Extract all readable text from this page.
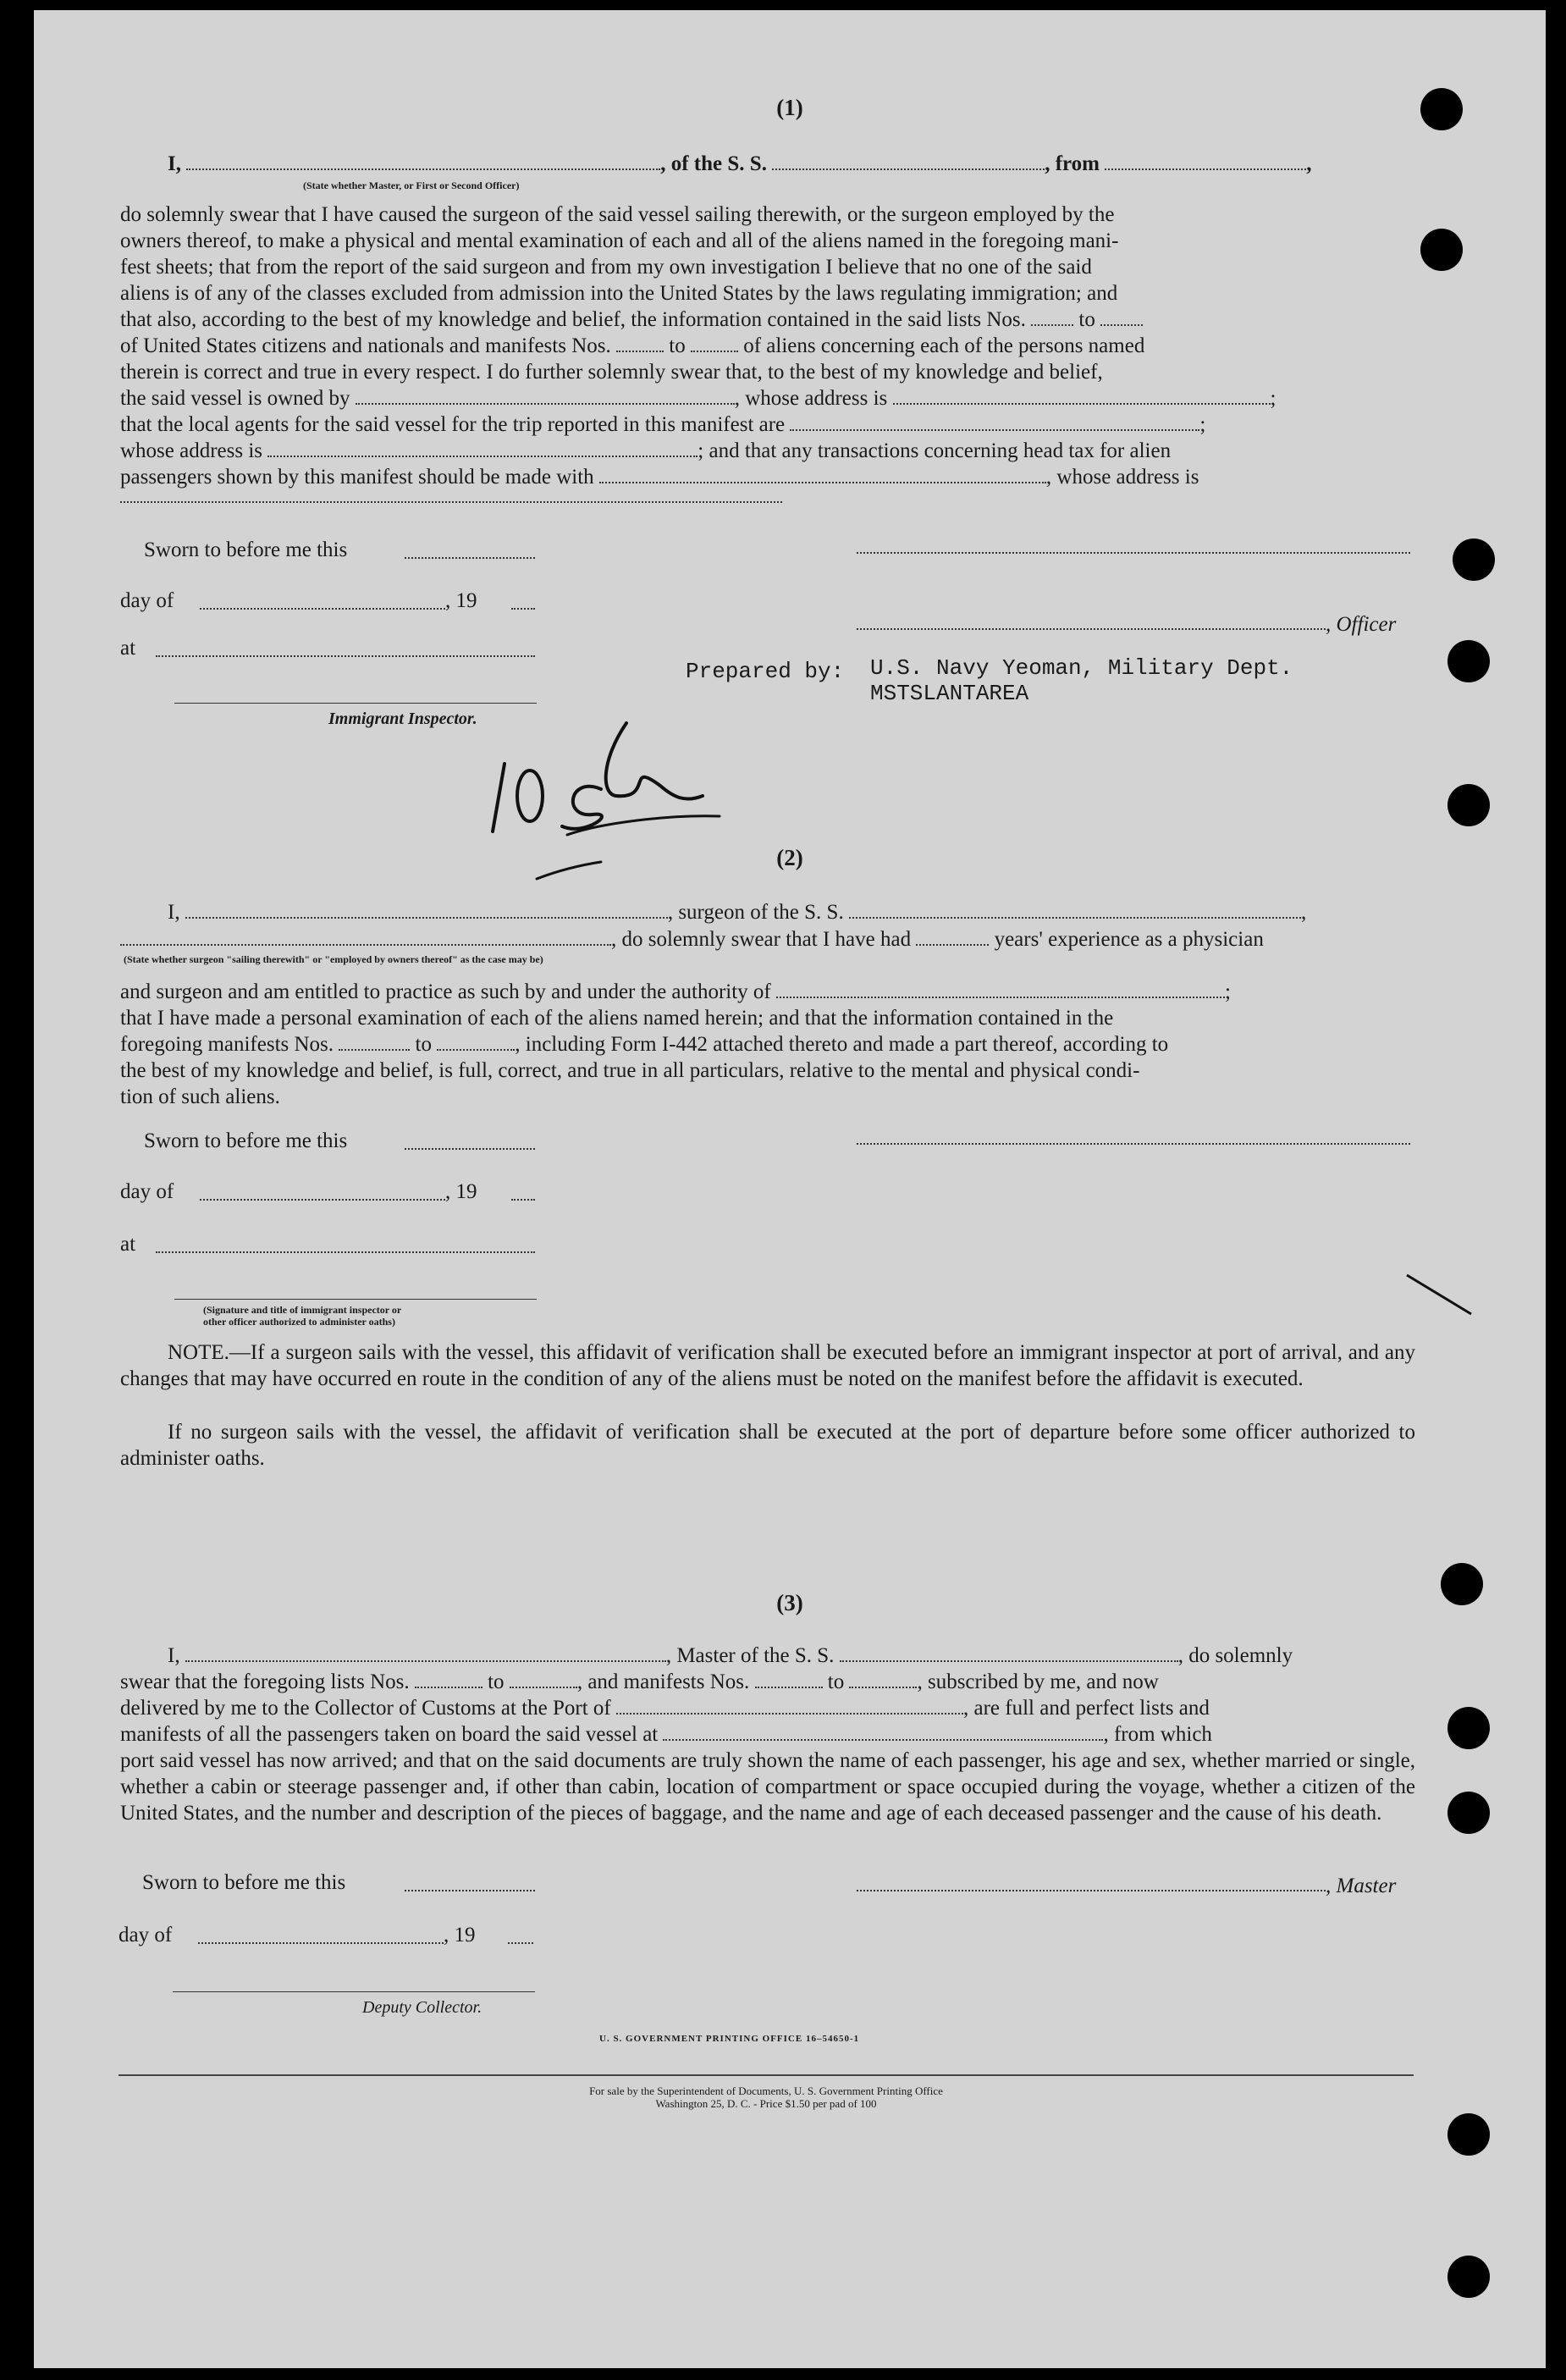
(1)
I,	, of the S. S.	, from	,
(State whether Master, or First or Second Officer)
do solemnly swear that I have caused the surgeon of the said vessel sailing therewith, or the surgeon employed by the
owners thereof, to make a physical and mental examination of each and all of the aliens named in the foregoing mani-
fest sheets; that from the report of the said surgeon and from my own investigation I believe that no one of the said
aliens is of any of the classes excluded from admission into the United States by the laws regulating immigration; and
that also, according to the best of my knowledge and belief, the information contained in the said lists Nos.	to
of United States citizens and nationals and manifests Nos.	to	of aliens concerning each of the persons named
therein is correct and true in every respect. I do further solemnly swear that, to the best of my knowledge and belief,
the said vessel is owned by	, whose address is	;
that the local agents for the said vessel for the trip reported in this manifest are	;
whose address is	; and that any transactions concerning head tax for alien
passengers shown by this manifest should be made with	, whose address is
Sworn to before me this
day of	, 19
at
, Officer
Prepared by: U.S. Navy Yeoman, Military Dept.
MSTSLANTAREA
Immigrant Inspector.
(2)
I,	, surgeon of the S. S.	,
, do solemnly swear that I have had	years' experience as a physician
(State whether surgeon "sailing therewith" or "employed by owners thereof" as the case may be)
and surgeon and am entitled to practice as such by and under the authority of	;
that I have made a personal examination of each of the aliens named herein; and that the information contained in the
foregoing manifests Nos.	to	, including Form I-442 attached thereto and made a part thereof, according to
the best of my knowledge and belief, is full, correct, and true in all particulars, relative to the mental and physical condi-
tion of such aliens.
Sworn to before me this
day of	, 19
at
(Signature and title of immigrant inspector or
other officer authorized to administer oaths)
NOTE.—If a surgeon sails with the vessel, this affidavit of verification shall be executed before an immigrant inspector at port of arrival, and any changes that may have occurred en route in the condition of any of the aliens must be noted on the manifest before the affidavit is executed.
If no surgeon sails with the vessel, the affidavit of verification shall be executed at the port of departure before some officer authorized to administer oaths.
(3)
I,	, Master of the S. S.	, do solemnly
swear that the foregoing lists Nos.	to	, and manifests Nos.	to	, subscribed by me, and now
delivered by me to the Collector of Customs at the Port of	, are full and perfect lists and
manifests of all the passengers taken on board the said vessel at	, from which
port said vessel has now arrived; and that on the said documents are truly shown the name of each passenger, his age and sex, whether married or single, whether a cabin or steerage passenger and, if other than cabin, location of compartment or space occupied during the voyage, whether a citizen of the United States, and the number and description of the pieces of baggage, and the name and age of each deceased passenger and the cause of his death.
Sworn to before me this	, Master
day of	, 19
Deputy Collector.
U. S. GOVERNMENT PRINTING OFFICE 16–54650-1
For sale by the Superintendent of Documents, U. S. Government Printing Office
Washington 25, D. C. - Price $1.50 per pad of 100
